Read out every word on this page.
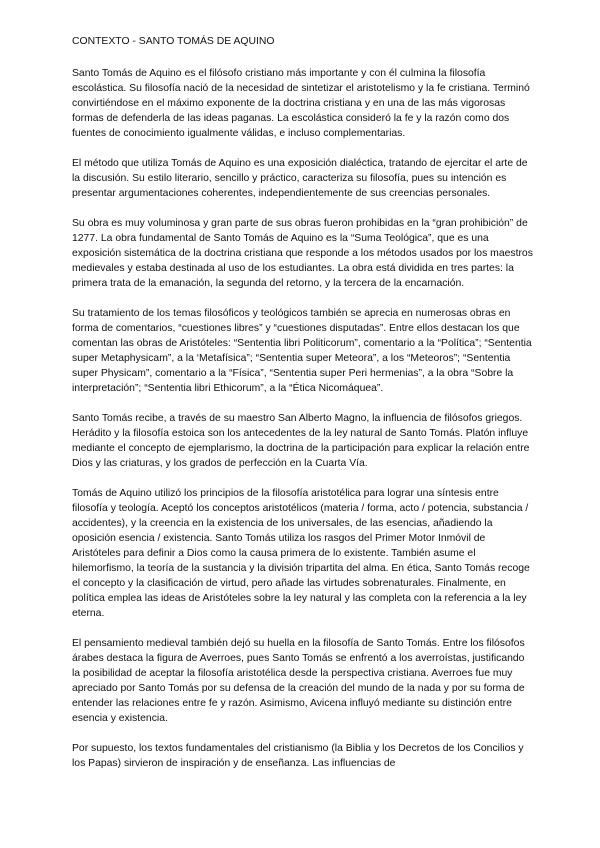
CONTEXTO - SANTO TOMÁS DE AQUINO

Santo Tomás de Aquino es el filósofo cristiano más importante y con él culmina la filosofía escolástica. Su filosofía nació de la necesidad de sintetizar el aristotelismo y la fe cristiana. Terminó convirtiéndose en el máximo exponente de la doctrina cristiana y en una de las más vigorosas formas de defenderla de las ideas paganas. La escolástica consideró la fe y la razón como dos fuentes de conocimiento igualmente válidas, e incluso complementarias.

El método que utiliza Tomás de Aquino es una exposición dialéctica, tratando de ejercitar el arte de la discusión. Su estilo literario, sencillo y práctico, caracteriza su filosofía, pues su intención es presentar argumentaciones coherentes, independientemente de sus creencias personales.

Su obra es muy voluminosa y gran parte de sus obras fueron prohibidas en la “gran prohibición” de 1277. La obra fundamental de Santo Tomás de Aquino es la “Suma Teológica”, que es una exposición sistemática de la doctrina cristiana que responde a los métodos usados por los maestros medievales y estaba destinada al uso de los estudiantes. La obra está dividida en tres partes: la primera trata de la emanación, la segunda del retorno, y la tercera de la encarnación.

Su tratamiento de los temas filosóficos y teológicos también se aprecia en numerosas obras en forma de comentarios, “cuestiones libres” y “cuestiones disputadas”. Entre ellos destacan los que comentan las obras de Aristóteles: “Sententia libri Politicorum”, comentario a la “Política”; “Sententia super Metaphysicam”, a la ‘Metafísica”; “Sententia super Meteora”, a los “Meteoros”; “Sententia super Physicam”, comentario a la “Física”, “Sententia super Peri hermenias”, a la obra “Sobre la interpretación”; “Sententia libri Ethicorum”, a la “Ética Nicomáquea”.

Santo Tomás recibe, a través de su maestro San Alberto Magno, la influencia de filósofos griegos. Herádito y la filosofía estoica son los antecedentes de la ley natural de Santo Tomás. Platón influye mediante el concepto de ejemplarismo, la doctrina de la participación para explicar la relación entre Dios y las criaturas, y los grados de perfección en la Cuarta Vía.

Tomás de Aquino utilizó los principios de la filosofía aristotélica para lograr una síntesis entre filosofía y teología. Aceptó los conceptos aristotélicos (materia / forma, acto / potencia, substancia / accidentes), y la creencia en la existencia de los universales, de las esencias, añadiendo la oposición esencia / existencia. Santo Tomás utiliza los rasgos del Primer Motor Inmóvil de Aristóteles para definir a Dios como la causa primera de lo existente. También asume el hilemorfismo, la teoría de la sustancia y la división tripartita del alma. En ética, Santo Tomás recoge el concepto y la clasificación de virtud, pero añade las virtudes sobrenaturales. Finalmente, en política emplea las ideas de Aristóteles sobre la ley natural y las completa con la referencia a la ley eterna.

El pensamiento medieval también dejó su huella en la filosofía de Santo Tomás. Entre los filósofos árabes destaca la figura de Averroes, pues Santo Tomás se enfrentó a los averroístas, justificando la posibilidad de aceptar la filosofía aristotélica desde la perspectiva cristiana. Averroes fue muy apreciado por Santo Tomás por su defensa de la creación del mundo de la nada y por su forma de entender las relaciones entre fe y razón. Asimismo, Avicena influyó mediante su distinción entre esencia y existencia.

Por supuesto, los textos fundamentales del cristianismo (la Biblia y los Decretos de los Concilios y los Papas) sirvieron de inspiración y de enseñanza. Las influencias de
